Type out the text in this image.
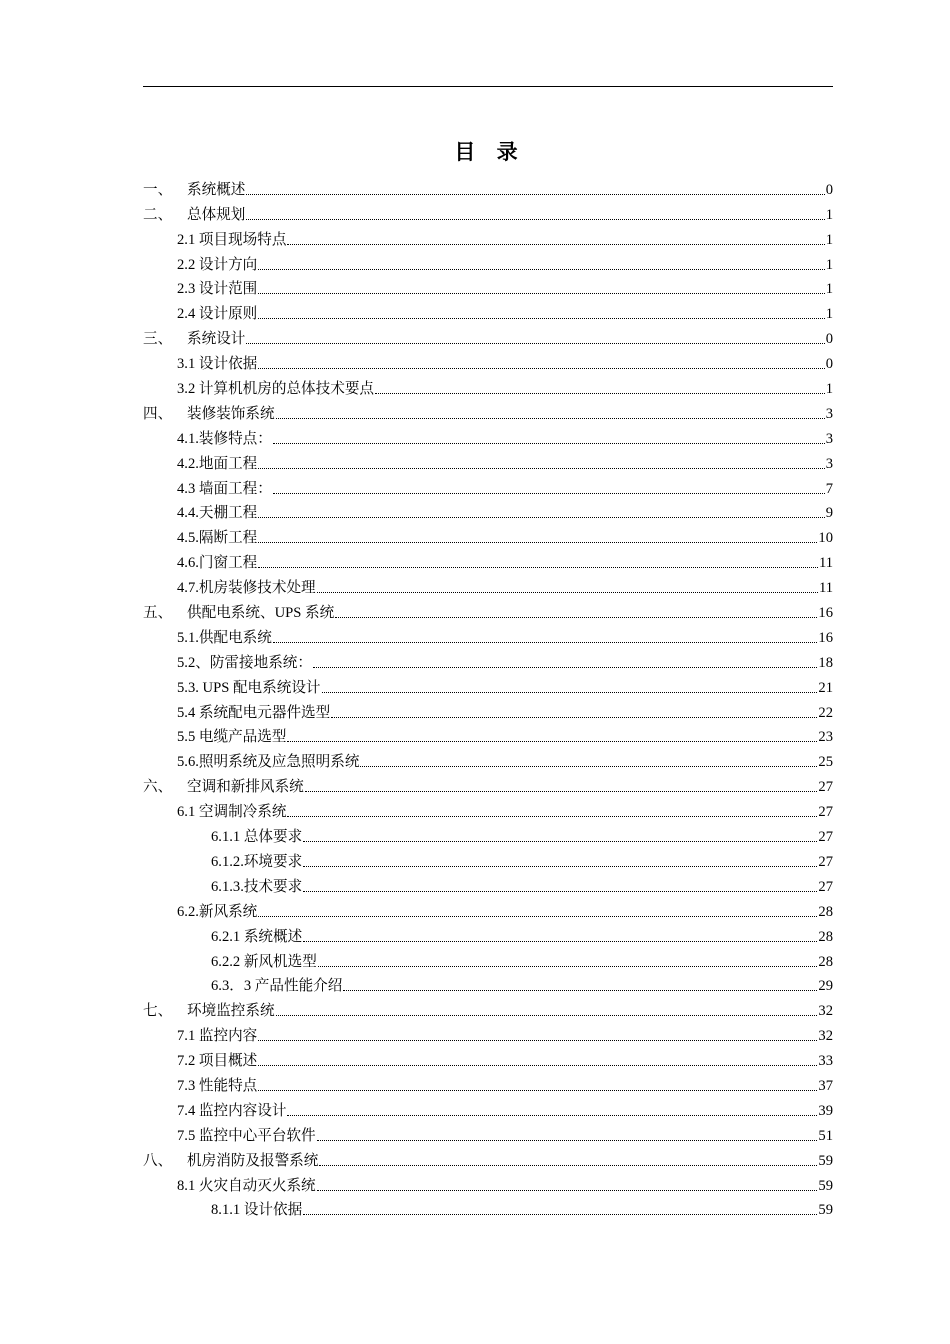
目 录
一、	系统概述	0
二、	总体规划	1
2.1 项目现场特点	1
2.2 设计方向	1
2.3 设计范围	1
2.4 设计原则	1
三、	系统设计	0
3.1 设计依据	0
3.2 计算机机房的总体技术要点	1
四、	装修装饰系统	3
4.1.装修特点：	3
4.2.地面工程	3
4.3 墙面工程：	7
4.4.天棚工程	9
4.5.隔断工程	10
4.6.门窗工程	11
4.7.机房装修技术处理	11
五、	供配电系统、UPS 系统	16
5.1.供配电系统	16
5.2、防雷接地系统：	18
5.3. UPS 配电系统设计	21
5.4 系统配电元器件选型	22
5.5 电缆产品选型	23
5.6.照明系统及应急照明系统	25
六、	空调和新排风系统	27
6.1 空调制冷系统	27
6.1.1 总体要求	27
6.1.2.环境要求	27
6.1.3.技术要求	27
6.2.新风系统	28
6.2.1 系统概述	28
6.2.2 新风机选型	28
6.3．3 产品性能介绍	29
七、	环境监控系统	32
7.1 监控内容	32
7.2 项目概述	33
7.3 性能特点	37
7.4 监控内容设计	39
7.5 监控中心平台软件	51
八、	机房消防及报警系统	59
8.1 火灾自动灭火系统	59
8.1.1 设计依据	59
